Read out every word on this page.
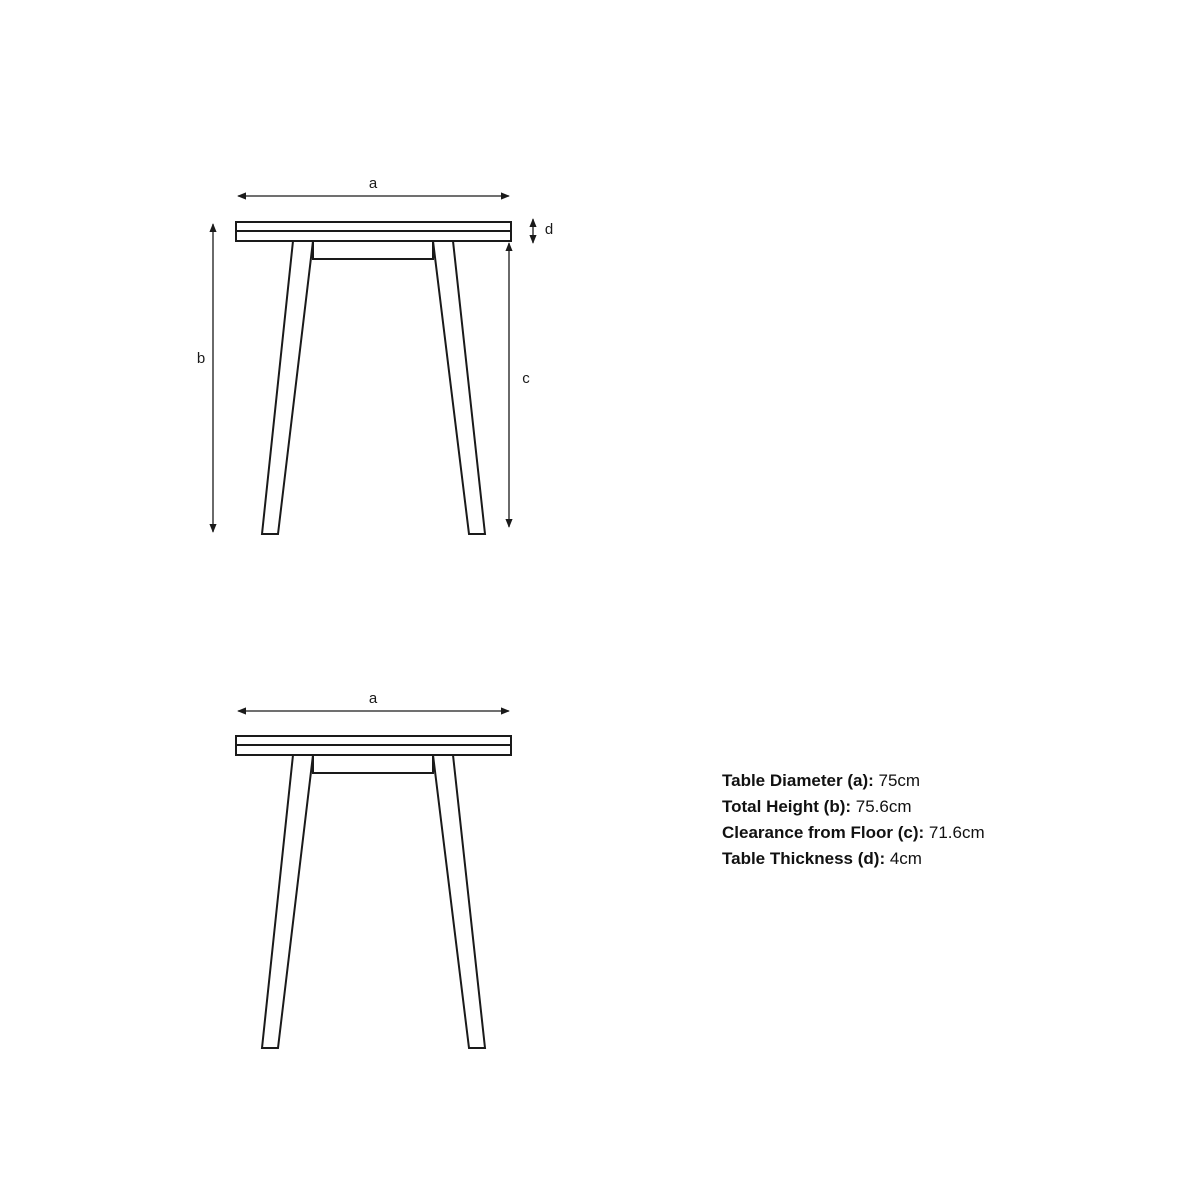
a
b
c
d
a
Table Diameter (a): 75cm
Total Height (b): 75.6cm
Clearance from Floor (c): 71.6cm
Table Thickness (d): 4cm
